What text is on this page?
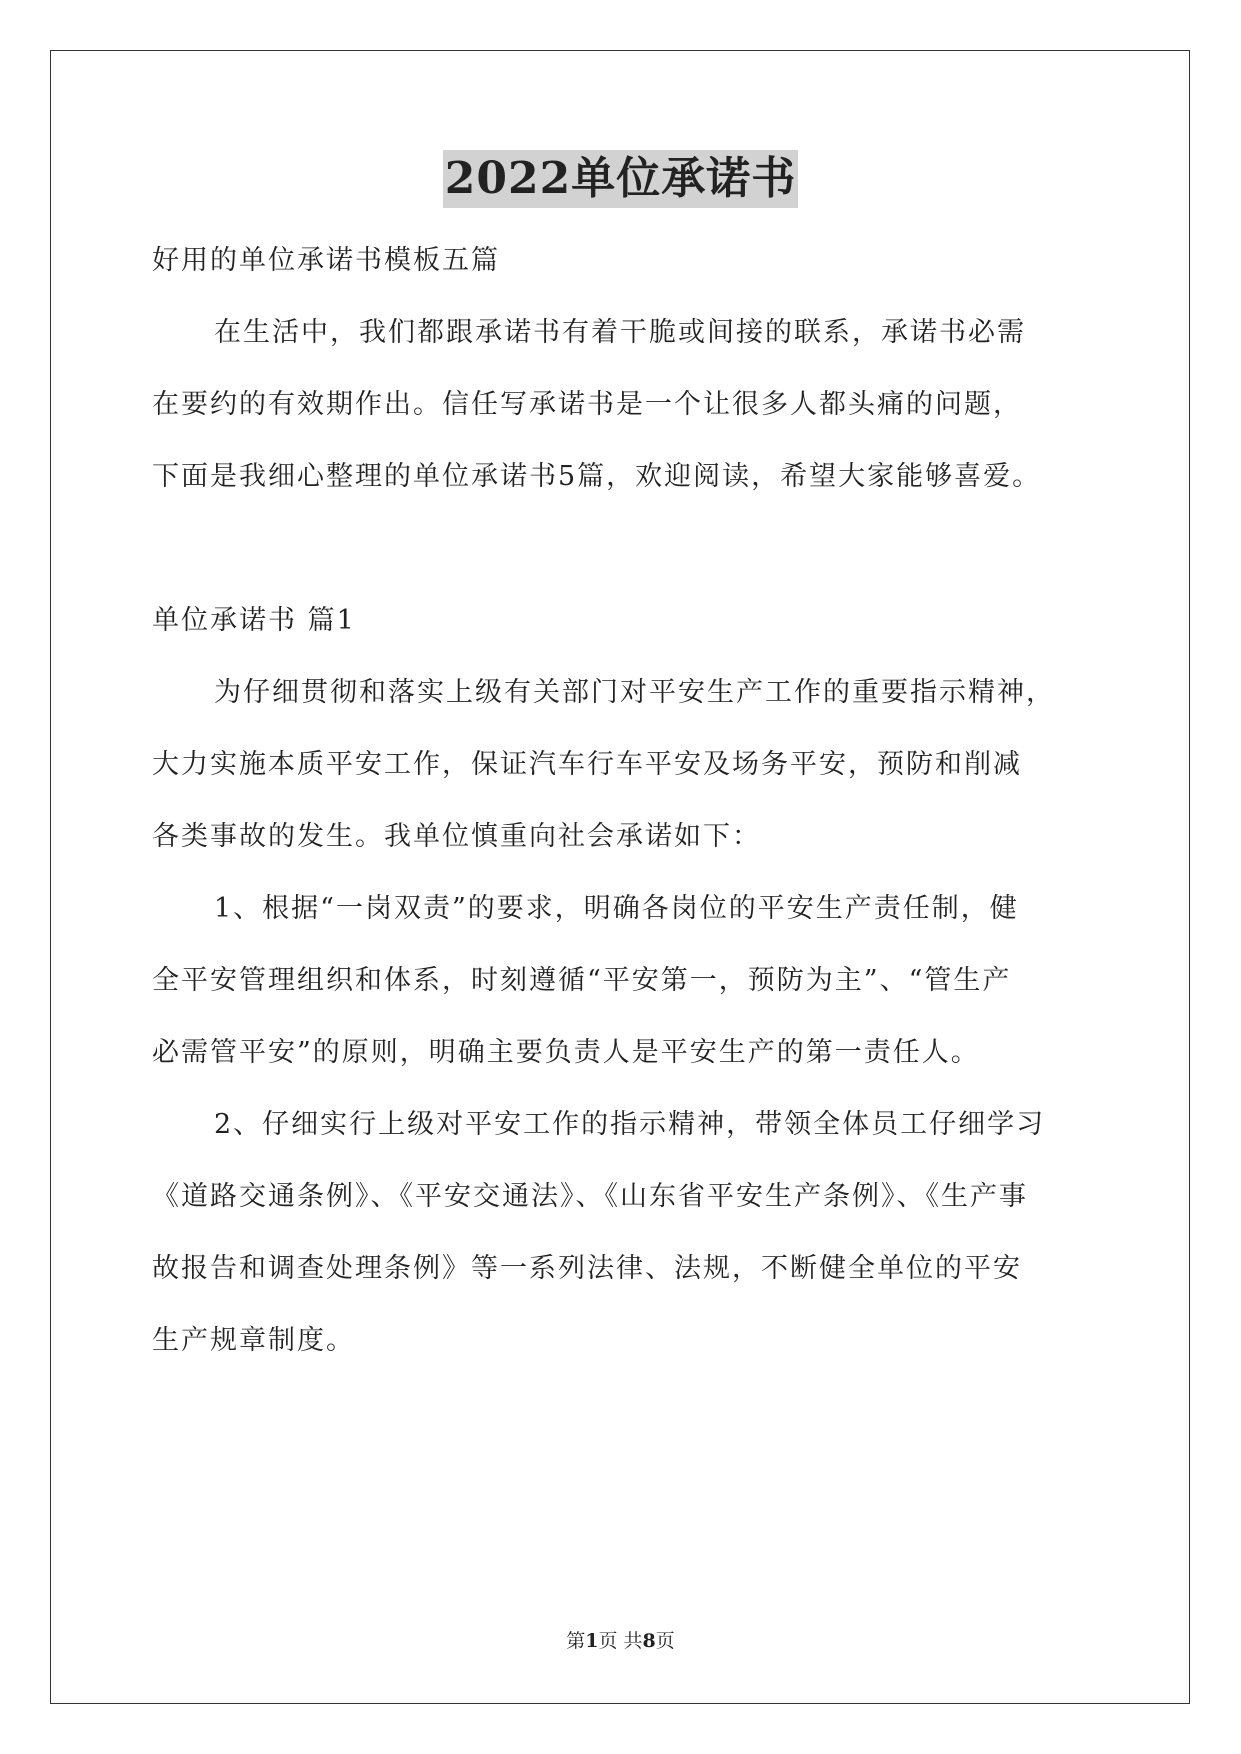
2022单位承诺书
好用的单位承诺书模板五篇
在生活中，我们都跟承诺书有着干脆或间接的联系，承诺书必需
在要约的有效期作出。信任写承诺书是一个让很多人都头痛的问题，
下面是我细心整理的单位承诺书5篇，欢迎阅读，希望大家能够喜爱。
单位承诺书 篇1
为仔细贯彻和落实上级有关部门对平安生产工作的重要指示精神，
大力实施本质平安工作，保证汽车行车平安及场务平安，预防和削减
各类事故的发生。我单位慎重向社会承诺如下：
1、根据“一岗双责”的要求，明确各岗位的平安生产责任制，健
全平安管理组织和体系，时刻遵循“平安第一，预防为主”、“管生产
必需管平安”的原则，明确主要负责人是平安生产的第一责任人。
2、仔细实行上级对平安工作的指示精神，带领全体员工仔细学习
《道路交通条例》、《平安交通法》、《山东省平安生产条例》、《生产事
故报告和调查处理条例》等一系列法律、法规，不断健全单位的平安
生产规章制度。
第1页 共8页
